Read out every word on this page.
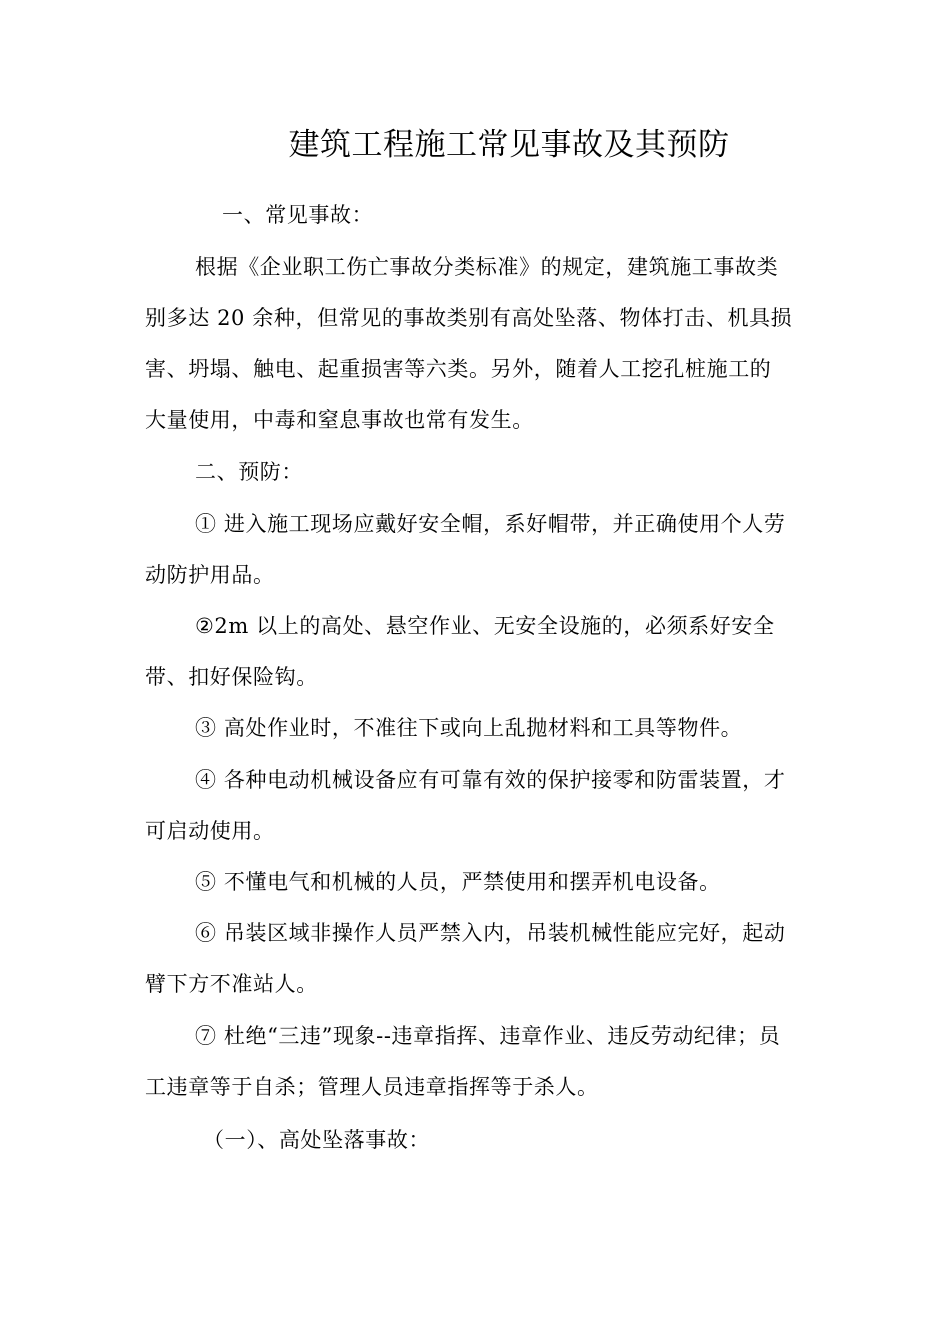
建筑工程施工常见事故及其预防
一、常见事故：
根据《企业职工伤亡事故分类标准》的规定，建筑施工事故类
别多达 20 余种，但常见的事故类别有高处坠落、物体打击、机具损
害、坍塌、触电、起重损害等六类。另外，随着人工挖孔桩施工的
大量使用，中毒和窒息事故也常有发生。
二、预防：
① 进入施工现场应戴好安全帽，系好帽带，并正确使用个人劳
动防护用品。
②2m 以上的高处、悬空作业、无安全设施的，必须系好安全
带、扣好保险钩。
③ 高处作业时，不准往下或向上乱抛材料和工具等物件。
④ 各种电动机械设备应有可靠有效的保护接零和防雷装置，才
可启动使用。
⑤ 不懂电气和机械的人员，严禁使用和摆弄机电设备。
⑥ 吊装区域非操作人员严禁入内，吊装机械性能应完好，起动
臂下方不准站人。
⑦ 杜绝“三违”现象--违章指挥、违章作业、违反劳动纪律；员
工违章等于自杀；管理人员违章指挥等于杀人。
（一）、高处坠落事故：
